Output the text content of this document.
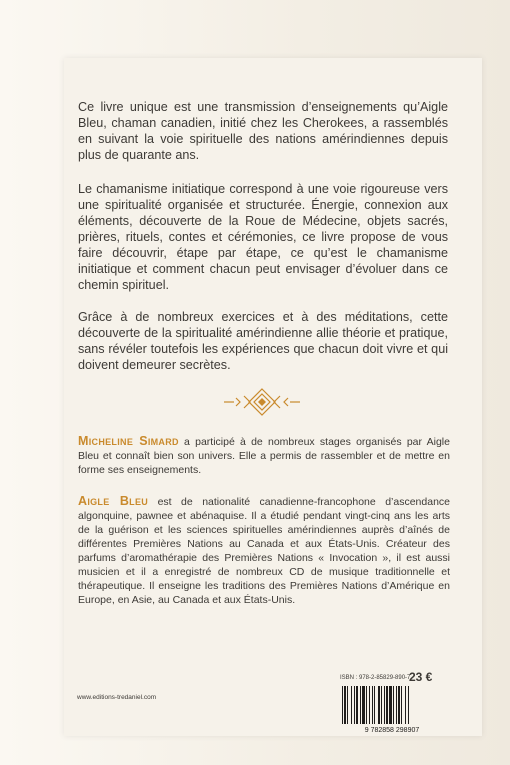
Ce livre unique est une transmission d’enseignements qu’Aigle Bleu, chaman canadien, initié chez les Cherokees, a rassemblés en suivant la voie spirituelle des nations amérindiennes depuis plus de quarante ans.

Le chamanisme initiatique correspond à une voie rigoureuse vers une spiritualité organisée et structurée. Énergie, connexion aux éléments, découverte de la Roue de Médecine, objets sacrés, prières, rituels, contes et cérémonies, ce livre propose de vous faire découvrir, étape par étape, ce qu’est le chamanisme initiatique et comment chacun peut envisager d’évoluer dans ce chemin spirituel.

Grâce à de nombreux exercices et à des méditations, cette découverte de la spiritualité amérindienne allie théorie et pratique, sans révéler toutefois les expériences que chacun doit vivre et qui doivent demeurer secrètes.

Micheline Simard a participé à de nombreux stages organisés par Aigle Bleu et connaît bien son univers. Elle a permis de rassembler et de mettre en forme ses enseignements.

Aigle Bleu est de nationalité canadienne-francophone d’ascendance algonquine, pawnee et abénaquise. Il a étudié pendant vingt-cinq ans les arts de la guérison et les sciences spirituelles amérindiennes auprès d’aînés de différentes Premières Nations au Canada et aux États-Unis. Créateur des parfums d’aromathérapie des Premières Nations « Invocation », il est aussi musicien et il a enregistré de nombreux CD de musique traditionnelle et thérapeutique. Il enseigne les traditions des Premières Nations d’Amérique en Europe, en Asie, au Canada et aux États-Unis.

ISBN : 978-2-85829-890-7
23 €
9 782858 298907
www.editions-tredaniel.com
